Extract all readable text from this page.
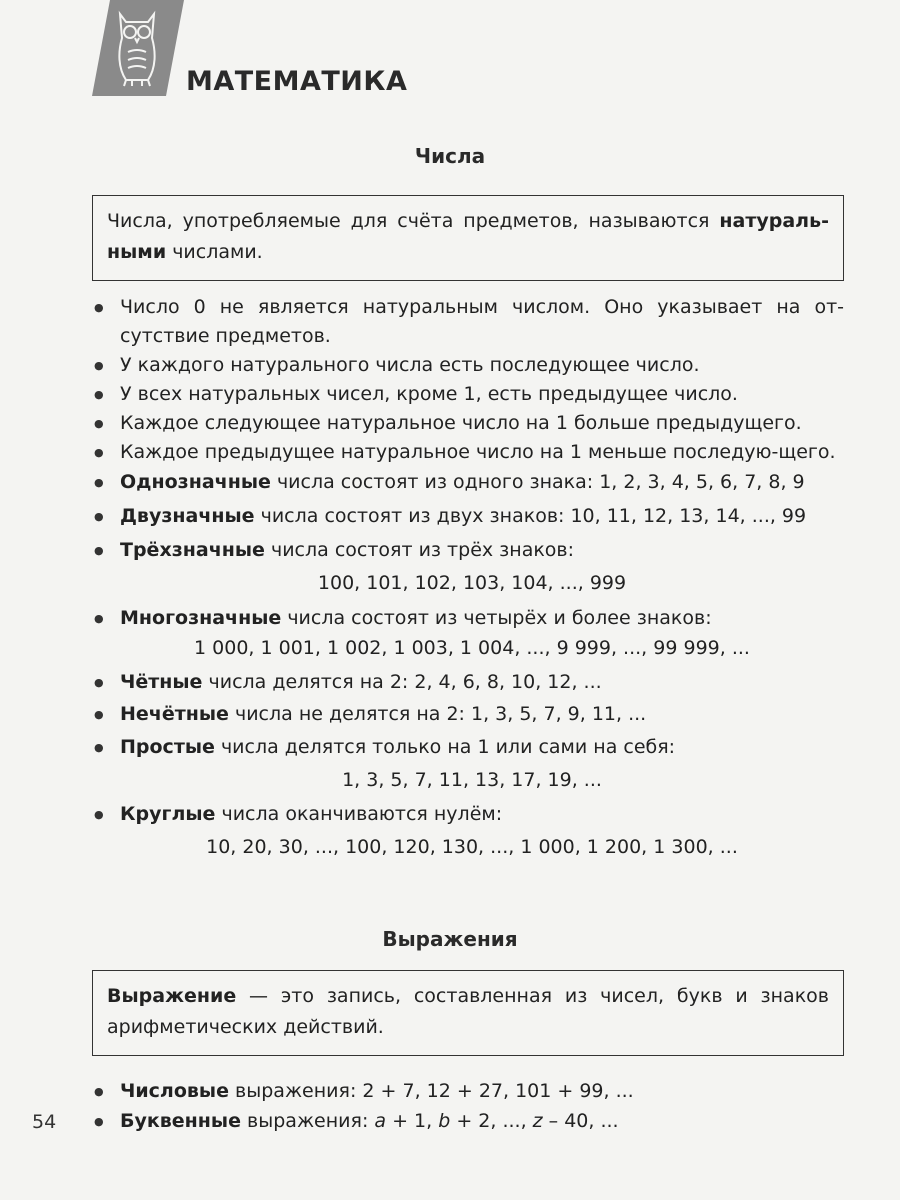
МАТЕМАТИКА
Числа
Числа, употребляемые для счёта предметов, называются натураль-ными числами.
● Число 0 не является натуральным числом. Оно указывает на от-сутствие предметов.
● У каждого натурального числа есть последующее число.
● У всех натуральных чисел, кроме 1, есть предыдущее число.
● Каждое следующее натуральное число на 1 больше предыдущего.
● Каждое предыдущее натуральное число на 1 меньше последую-щего.
● Однозначные числа состоят из одного знака: 1, 2, 3, 4, 5, 6, 7, 8, 9
● Двузначные числа состоят из двух знаков: 10, 11, 12, 13, 14, ..., 99
● Трёхзначные числа состоят из трёх знаков:
100, 101, 102, 103, 104, ..., 999
● Многозначные числа состоят из четырёх и более знаков:
1 000, 1 001, 1 002, 1 003, 1 004, ..., 9 999, ..., 99 999, ...
● Чётные числа делятся на 2: 2, 4, 6, 8, 10, 12, ...
● Нечётные числа не делятся на 2: 1, 3, 5, 7, 9, 11, ...
● Простые числа делятся только на 1 или сами на себя:
1, 3, 5, 7, 11, 13, 17, 19, ...
● Круглые числа оканчиваются нулём:
10, 20, 30, ..., 100, 120, 130, ..., 1 000, 1 200, 1 300, ...
Выражения
Выражение — это запись, составленная из чисел, букв и знаков арифметических действий.
● Числовые выражения: 2 + 7, 12 + 27, 101 + 99, ...
● Буквенные выражения: a + 1, b + 2, ..., z – 40, ...
54
